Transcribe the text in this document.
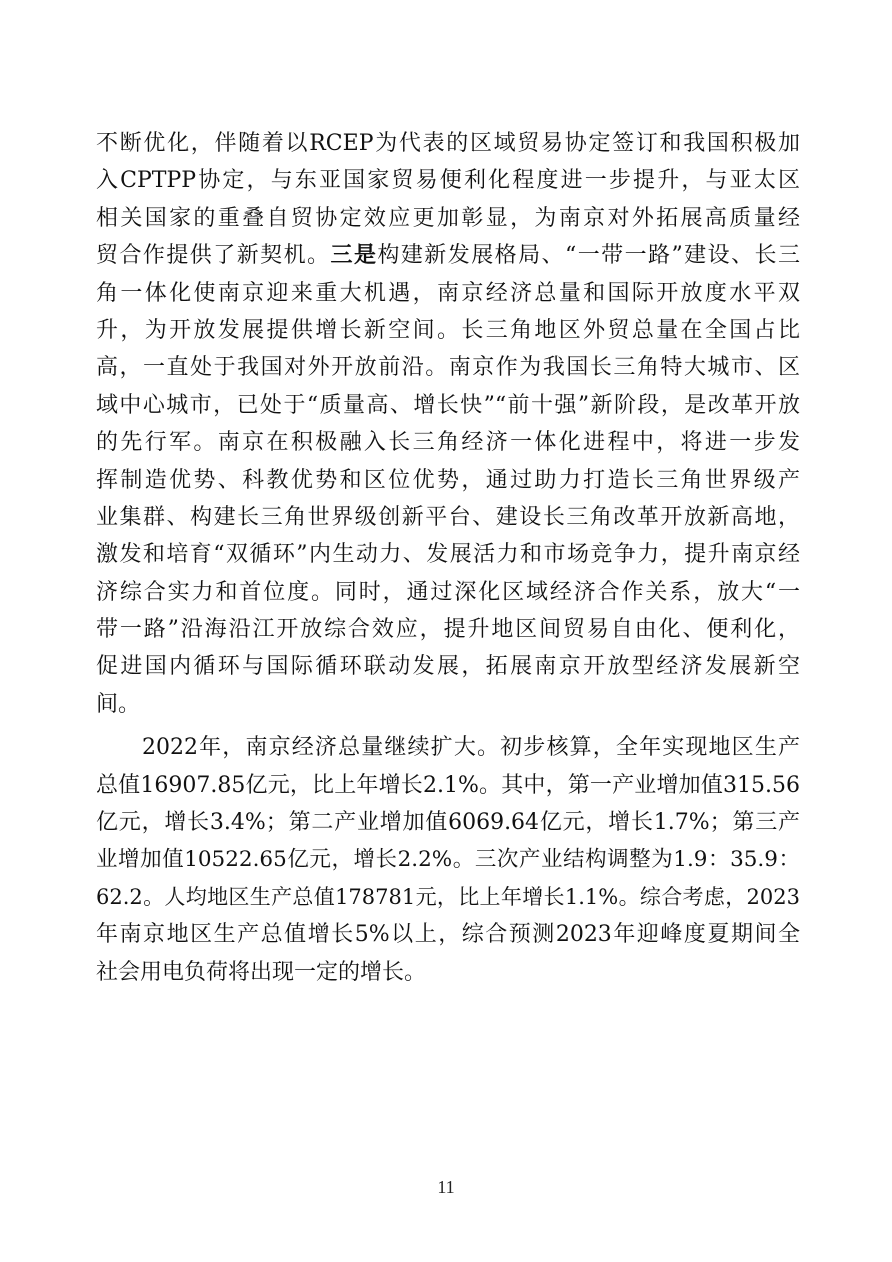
不断优化，伴随着以RCEP为代表的区域贸易协定签订和我国积极加
入CPTPP协定，与东亚国家贸易便利化程度进一步提升，与亚太区
相关国家的重叠自贸协定效应更加彰显，为南京对外拓展高质量经
贸合作提供了新契机。三是构建新发展格局、“一带一路”建设、长三
角一体化使南京迎来重大机遇，南京经济总量和国际开放度水平双
升，为开放发展提供增长新空间。长三角地区外贸总量在全国占比
高，一直处于我国对外开放前沿。南京作为我国长三角特大城市、区
域中心城市，已处于“质量高、增长快”“前十强”新阶段，是改革开放
的先行军。南京在积极融入长三角经济一体化进程中，将进一步发
挥制造优势、科教优势和区位优势，通过助力打造长三角世界级产
业集群、构建长三角世界级创新平台、建设长三角改革开放新高地，
激发和培育“双循环”内生动力、发展活力和市场竞争力，提升南京经
济综合实力和首位度。同时，通过深化区域经济合作关系，放大“一
带一路”沿海沿江开放综合效应，提升地区间贸易自由化、便利化，
促进国内循环与国际循环联动发展，拓展南京开放型经济发展新空
间。
2022年，南京经济总量继续扩大。初步核算，全年实现地区生产
总值16907.85亿元，比上年增长2.1%。其中，第一产业增加值315.56
亿元，增长3.4%；第二产业增加值6069.64亿元，增长1.7%；第三产
业增加值10522.65亿元，增长2.2%。三次产业结构调整为1.9：35.9：
62.2。人均地区生产总值178781元，比上年增长1.1%。综合考虑，2023
年南京地区生产总值增长5%以上，综合预测2023年迎峰度夏期间全
社会用电负荷将出现一定的增长。
11
